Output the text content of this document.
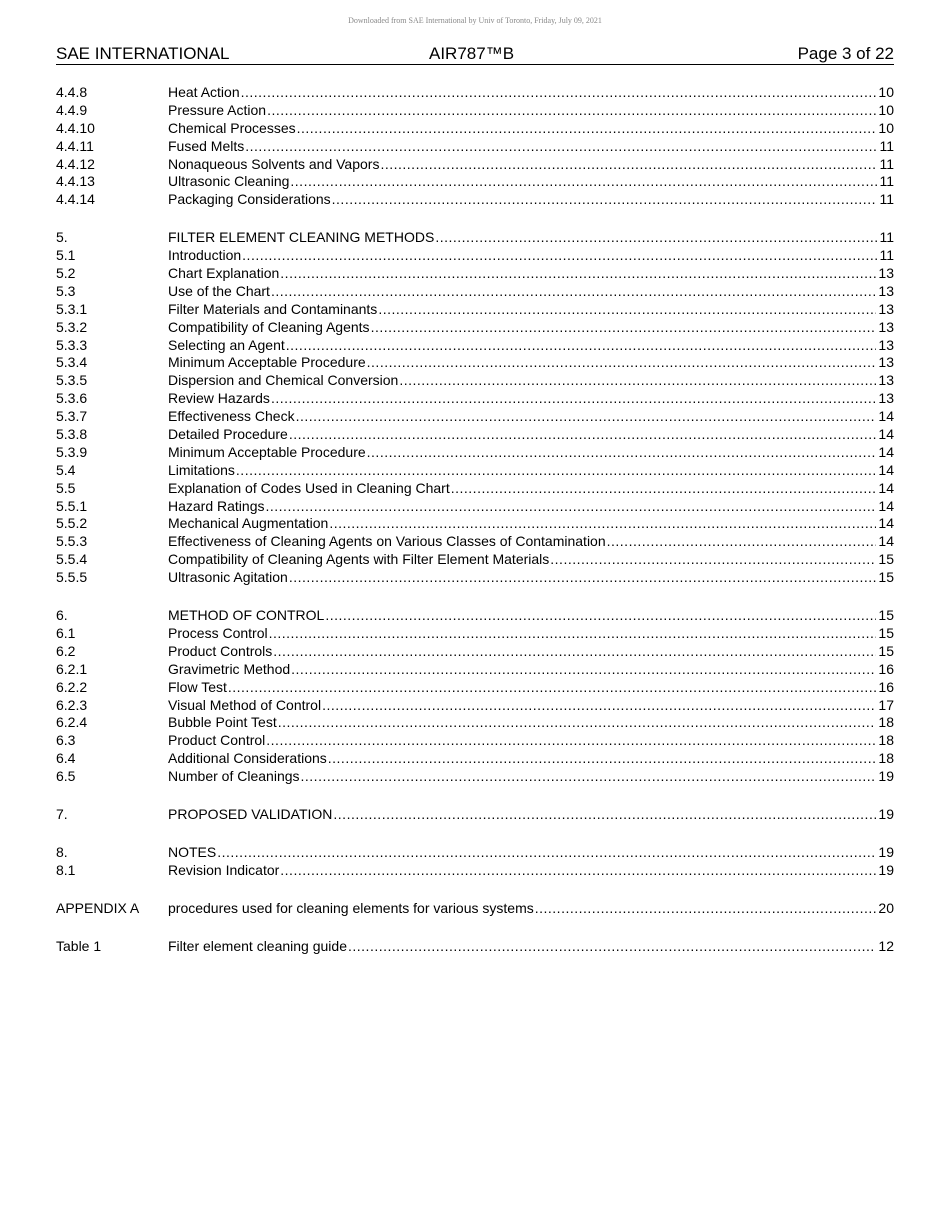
Downloaded from SAE International by Univ of Toronto, Friday, July 09, 2021
SAE INTERNATIONAL	AIR787™B	Page 3 of 22
4.4.8	Heat Action .....	10
4.4.9	Pressure Action .....	10
4.4.10	Chemical Processes .....	10
4.4.11	Fused Melts .....	11
4.4.12	Nonaqueous Solvents and Vapors .....	11
4.4.13	Ultrasonic Cleaning .....	11
4.4.14	Packaging Considerations .....	11
5.	FILTER ELEMENT CLEANING METHODS .....	11
5.1	Introduction .....	11
5.2	Chart Explanation .....	13
5.3	Use of the Chart .....	13
5.3.1	Filter Materials and Contaminants .....	13
5.3.2	Compatibility of Cleaning Agents .....	13
5.3.3	Selecting an Agent .....	13
5.3.4	Minimum Acceptable Procedure .....	13
5.3.5	Dispersion and Chemical Conversion .....	13
5.3.6	Review Hazards .....	13
5.3.7	Effectiveness Check .....	14
5.3.8	Detailed Procedure .....	14
5.3.9	Minimum Acceptable Procedure .....	14
5.4	Limitations .....	14
5.5	Explanation of Codes Used in Cleaning Chart .....	14
5.5.1	Hazard Ratings .....	14
5.5.2	Mechanical Augmentation .....	14
5.5.3	Effectiveness of Cleaning Agents on Various Classes of Contamination .....	14
5.5.4	Compatibility of Cleaning Agents with Filter Element Materials .....	15
5.5.5	Ultrasonic Agitation .....	15
6.	METHOD OF CONTROL .....	15
6.1	Process Control .....	15
6.2	Product Controls .....	15
6.2.1	Gravimetric Method .....	16
6.2.2	Flow Test .....	16
6.2.3	Visual Method of Control .....	17
6.2.4	Bubble Point Test .....	18
6.3	Product Control .....	18
6.4	Additional Considerations .....	18
6.5	Number of Cleanings .....	19
7.	PROPOSED VALIDATION .....	19
8.	NOTES .....	19
8.1	Revision Indicator .....	19
APPENDIX A procedures used for cleaning elements for various systems .....	20
Table 1	Filter element cleaning guide .....	12
